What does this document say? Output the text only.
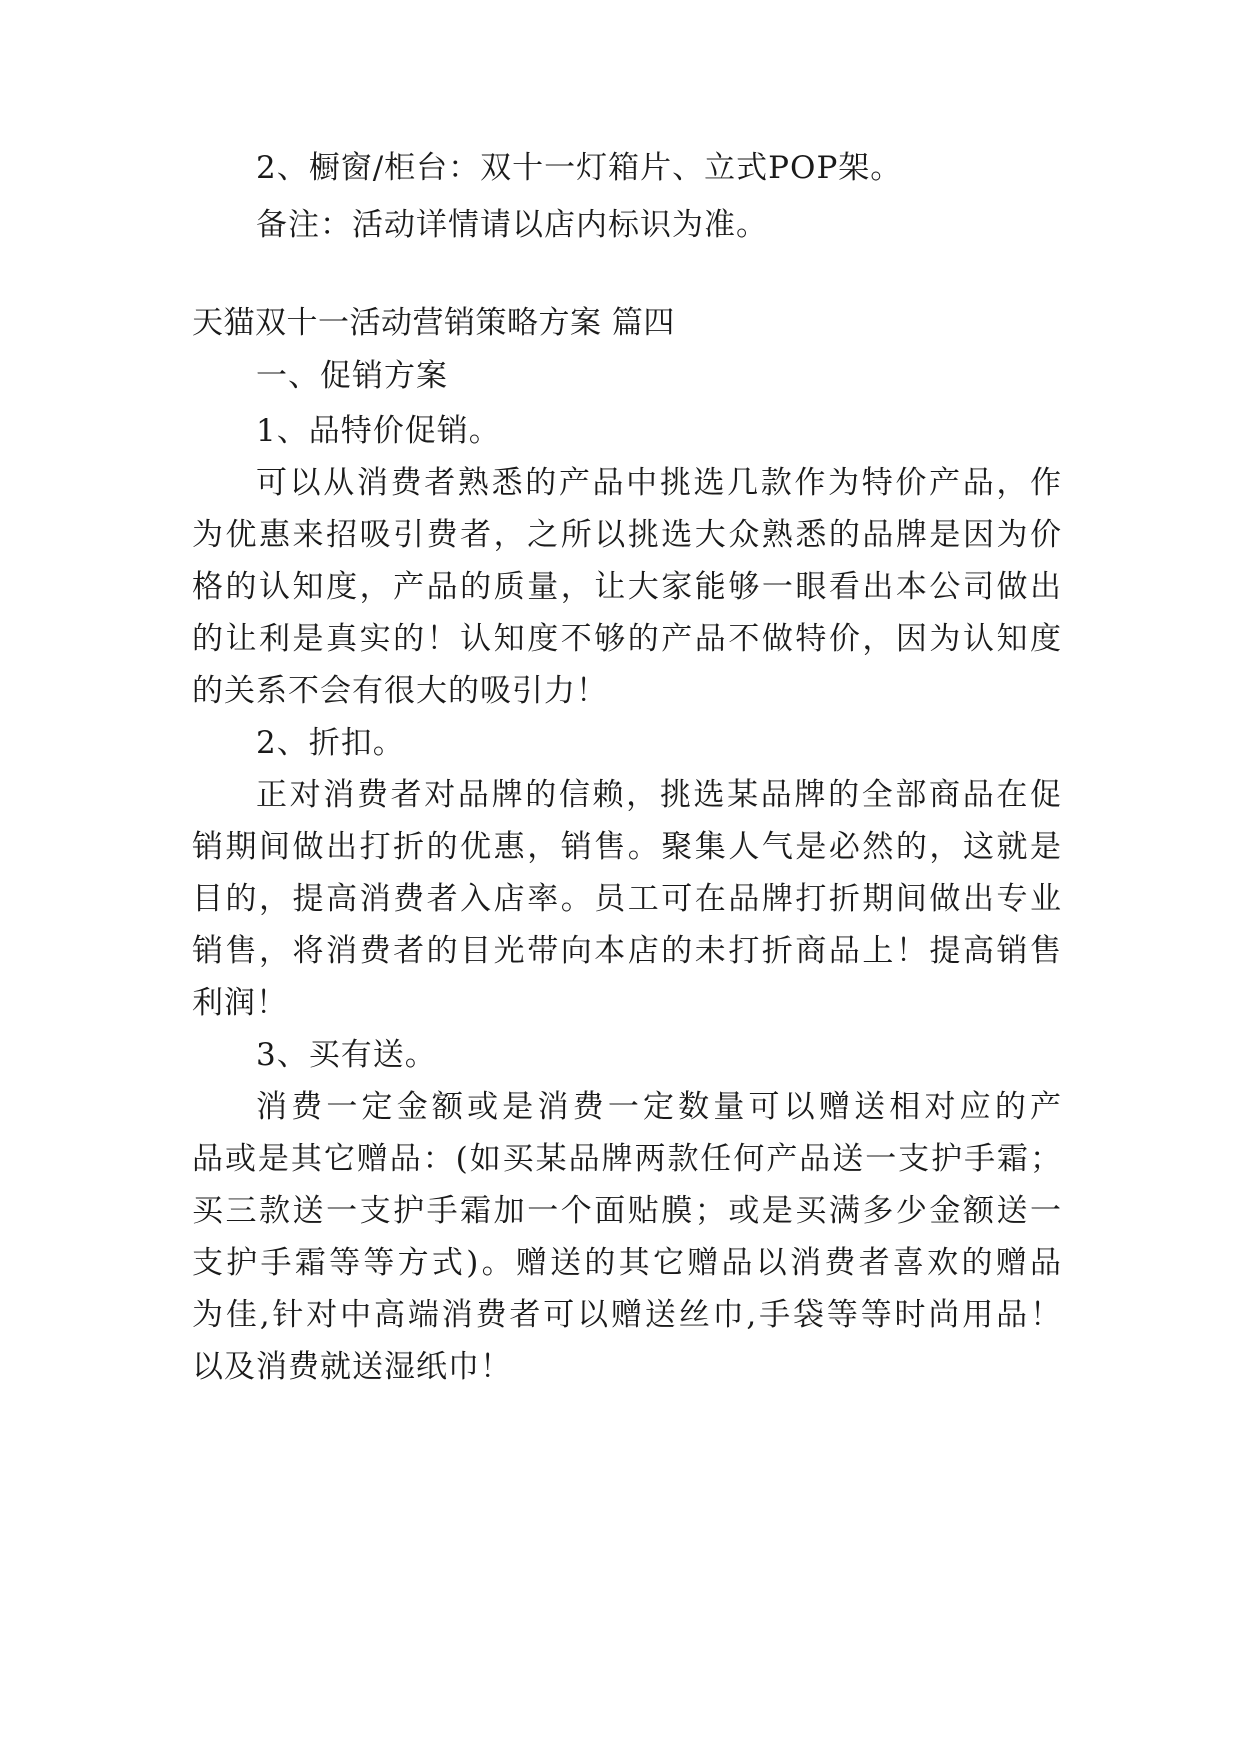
2、橱窗/柜台：双十一灯箱片、立式POP架。
备注：活动详情请以店内标识为准。
天猫双十一活动营销策略方案 篇四
一、促销方案
1、品特价促销。
可以从消费者熟悉的产品中挑选几款作为特价产品，作
为优惠来招吸引费者，之所以挑选大众熟悉的品牌是因为价
格的认知度，产品的质量，让大家能够一眼看出本公司做出
的让利是真实的！认知度不够的产品不做特价，因为认知度
的关系不会有很大的吸引力！
2、折扣。
正对消费者对品牌的信赖，挑选某品牌的全部商品在促
销期间做出打折的优惠，销售。聚集人气是必然的，这就是
目的，提高消费者入店率。员工可在品牌打折期间做出专业
销售，将消费者的目光带向本店的未打折商品上！提高销售
利润！
3、买有送。
消费一定金额或是消费一定数量可以赠送相对应的产
品或是其它赠品：(如买某品牌两款任何产品送一支护手霜；
买三款送一支护手霜加一个面贴膜；或是买满多少金额送一
支护手霜等等方式)。赠送的其它赠品以消费者喜欢的赠品
为佳,针对中高端消费者可以赠送丝巾,手袋等等时尚用品！
以及消费就送湿纸巾！
